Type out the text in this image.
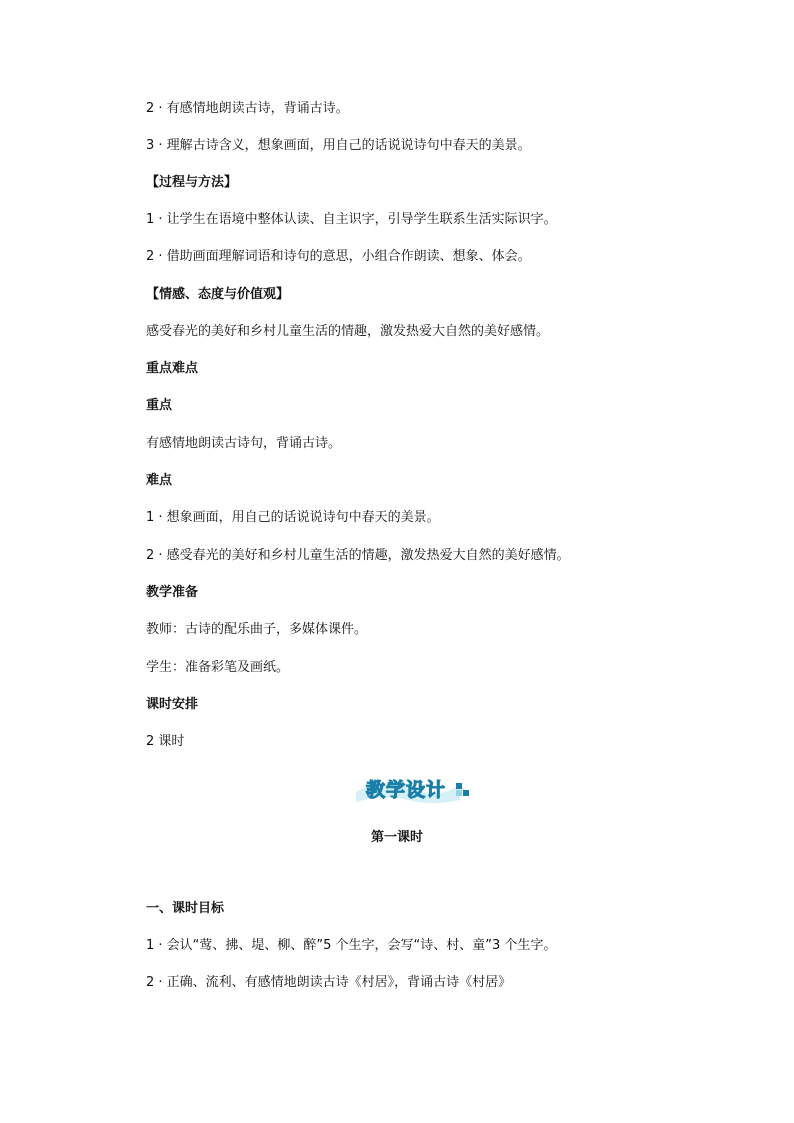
2 · 有感情地朗读古诗，背诵古诗。
3 · 理解古诗含义，想象画面，用自己的话说说诗句中春天的美景。
【过程与方法】
1 · 让学生在语境中整体认读、自主识字，引导学生联系生活实际识字。
2 · 借助画面理解词语和诗句的意思，小组合作朗读、想象、体会。
【情感、态度与价值观】
感受春光的美好和乡村儿童生活的情趣，激发热爱大自然的美好感情。
重点难点
重点
有感情地朗读古诗句，背诵古诗。
难点
1 · 想象画面，用自己的话说说诗句中春天的美景。
2 · 感受春光的美好和乡村儿童生活的情趣，激发热爱大自然的美好感情。
教学准备
教师：古诗的配乐曲子，多媒体课件。
学生：准备彩笔及画纸。
课时安排
2 课时
教学设计
第一课时
一、课时目标
1 · 会认“莺、拂、堤、柳、醉”5 个生字，会写“诗、村、童”3 个生字。
2 · 正确、流利、有感情地朗读古诗《村居》，背诵古诗《村居》
